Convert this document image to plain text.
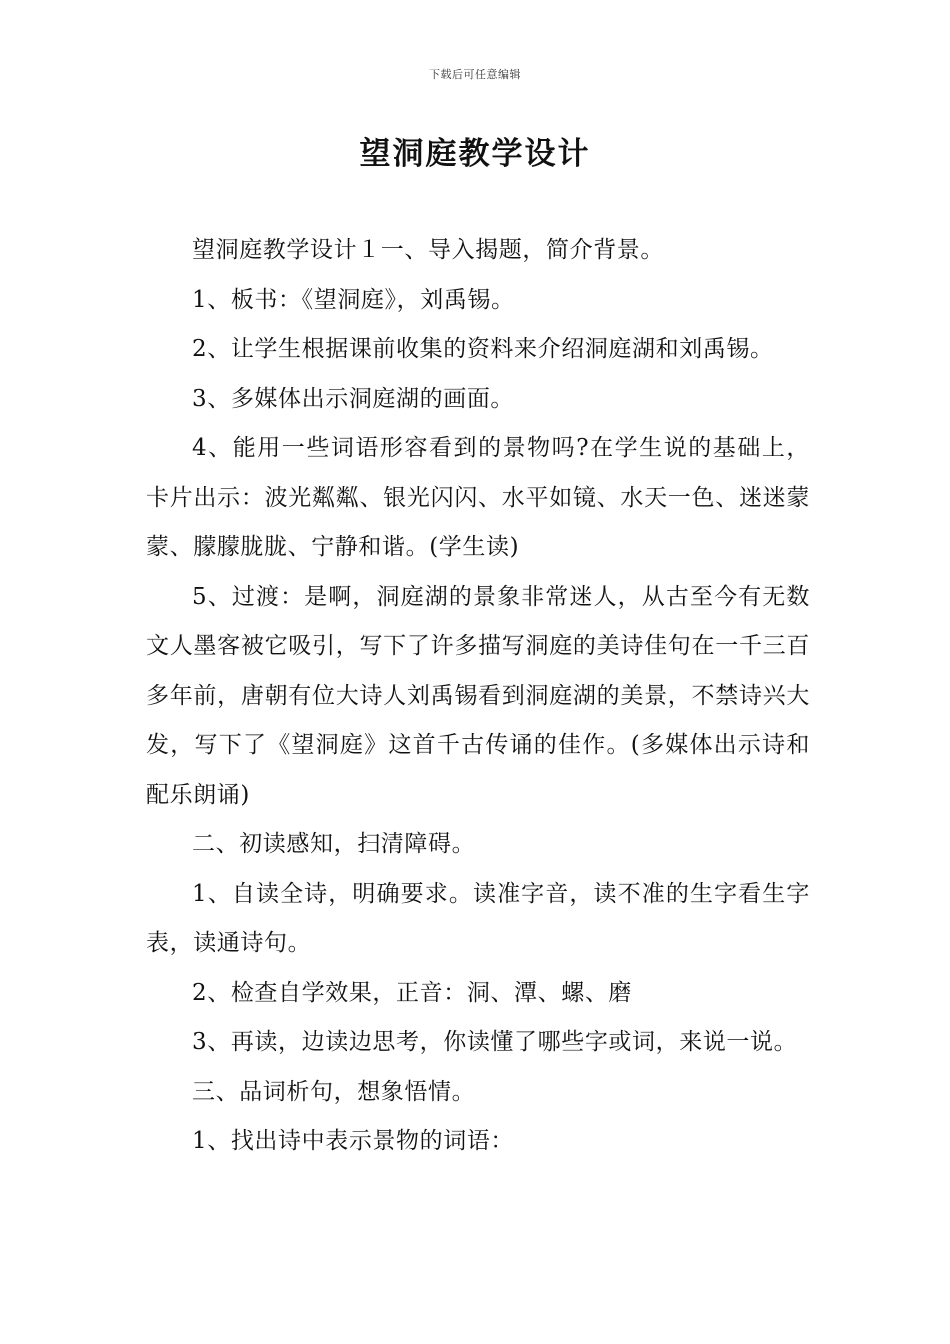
下载后可任意编辑
望洞庭教学设计

望洞庭教学设计１一、导入揭题，简介背景。

1、板书：《望洞庭》，刘禹锡。

2、让学生根据课前收集的资料来介绍洞庭湖和刘禹锡。

3、多媒体出示洞庭湖的画面。

4、能用一些词语形容看到的景物吗?在学生说的基础上，卡片出示：波光粼粼、银光闪闪、水平如镜、水天一色、迷迷蒙蒙、朦朦胧胧、宁静和谐。(学生读)

5、过渡：是啊，洞庭湖的景象非常迷人，从古至今有无数文人墨客被它吸引，写下了许多描写洞庭的美诗佳句在一千三百多年前，唐朝有位大诗人刘禹锡看到洞庭湖的美景，不禁诗兴大发，写下了《望洞庭》这首千古传诵的佳作。(多媒体出示诗和配乐朗诵)

二、初读感知，扫清障碍。

1、自读全诗，明确要求。读准字音，读不准的生字看生字表，读通诗句。

2、检查自学效果，正音：洞、潭、螺、磨

3、再读，边读边思考，你读懂了哪些字或词，来说一说。

三、品词析句，想象悟情。

1、找出诗中表示景物的词语：
